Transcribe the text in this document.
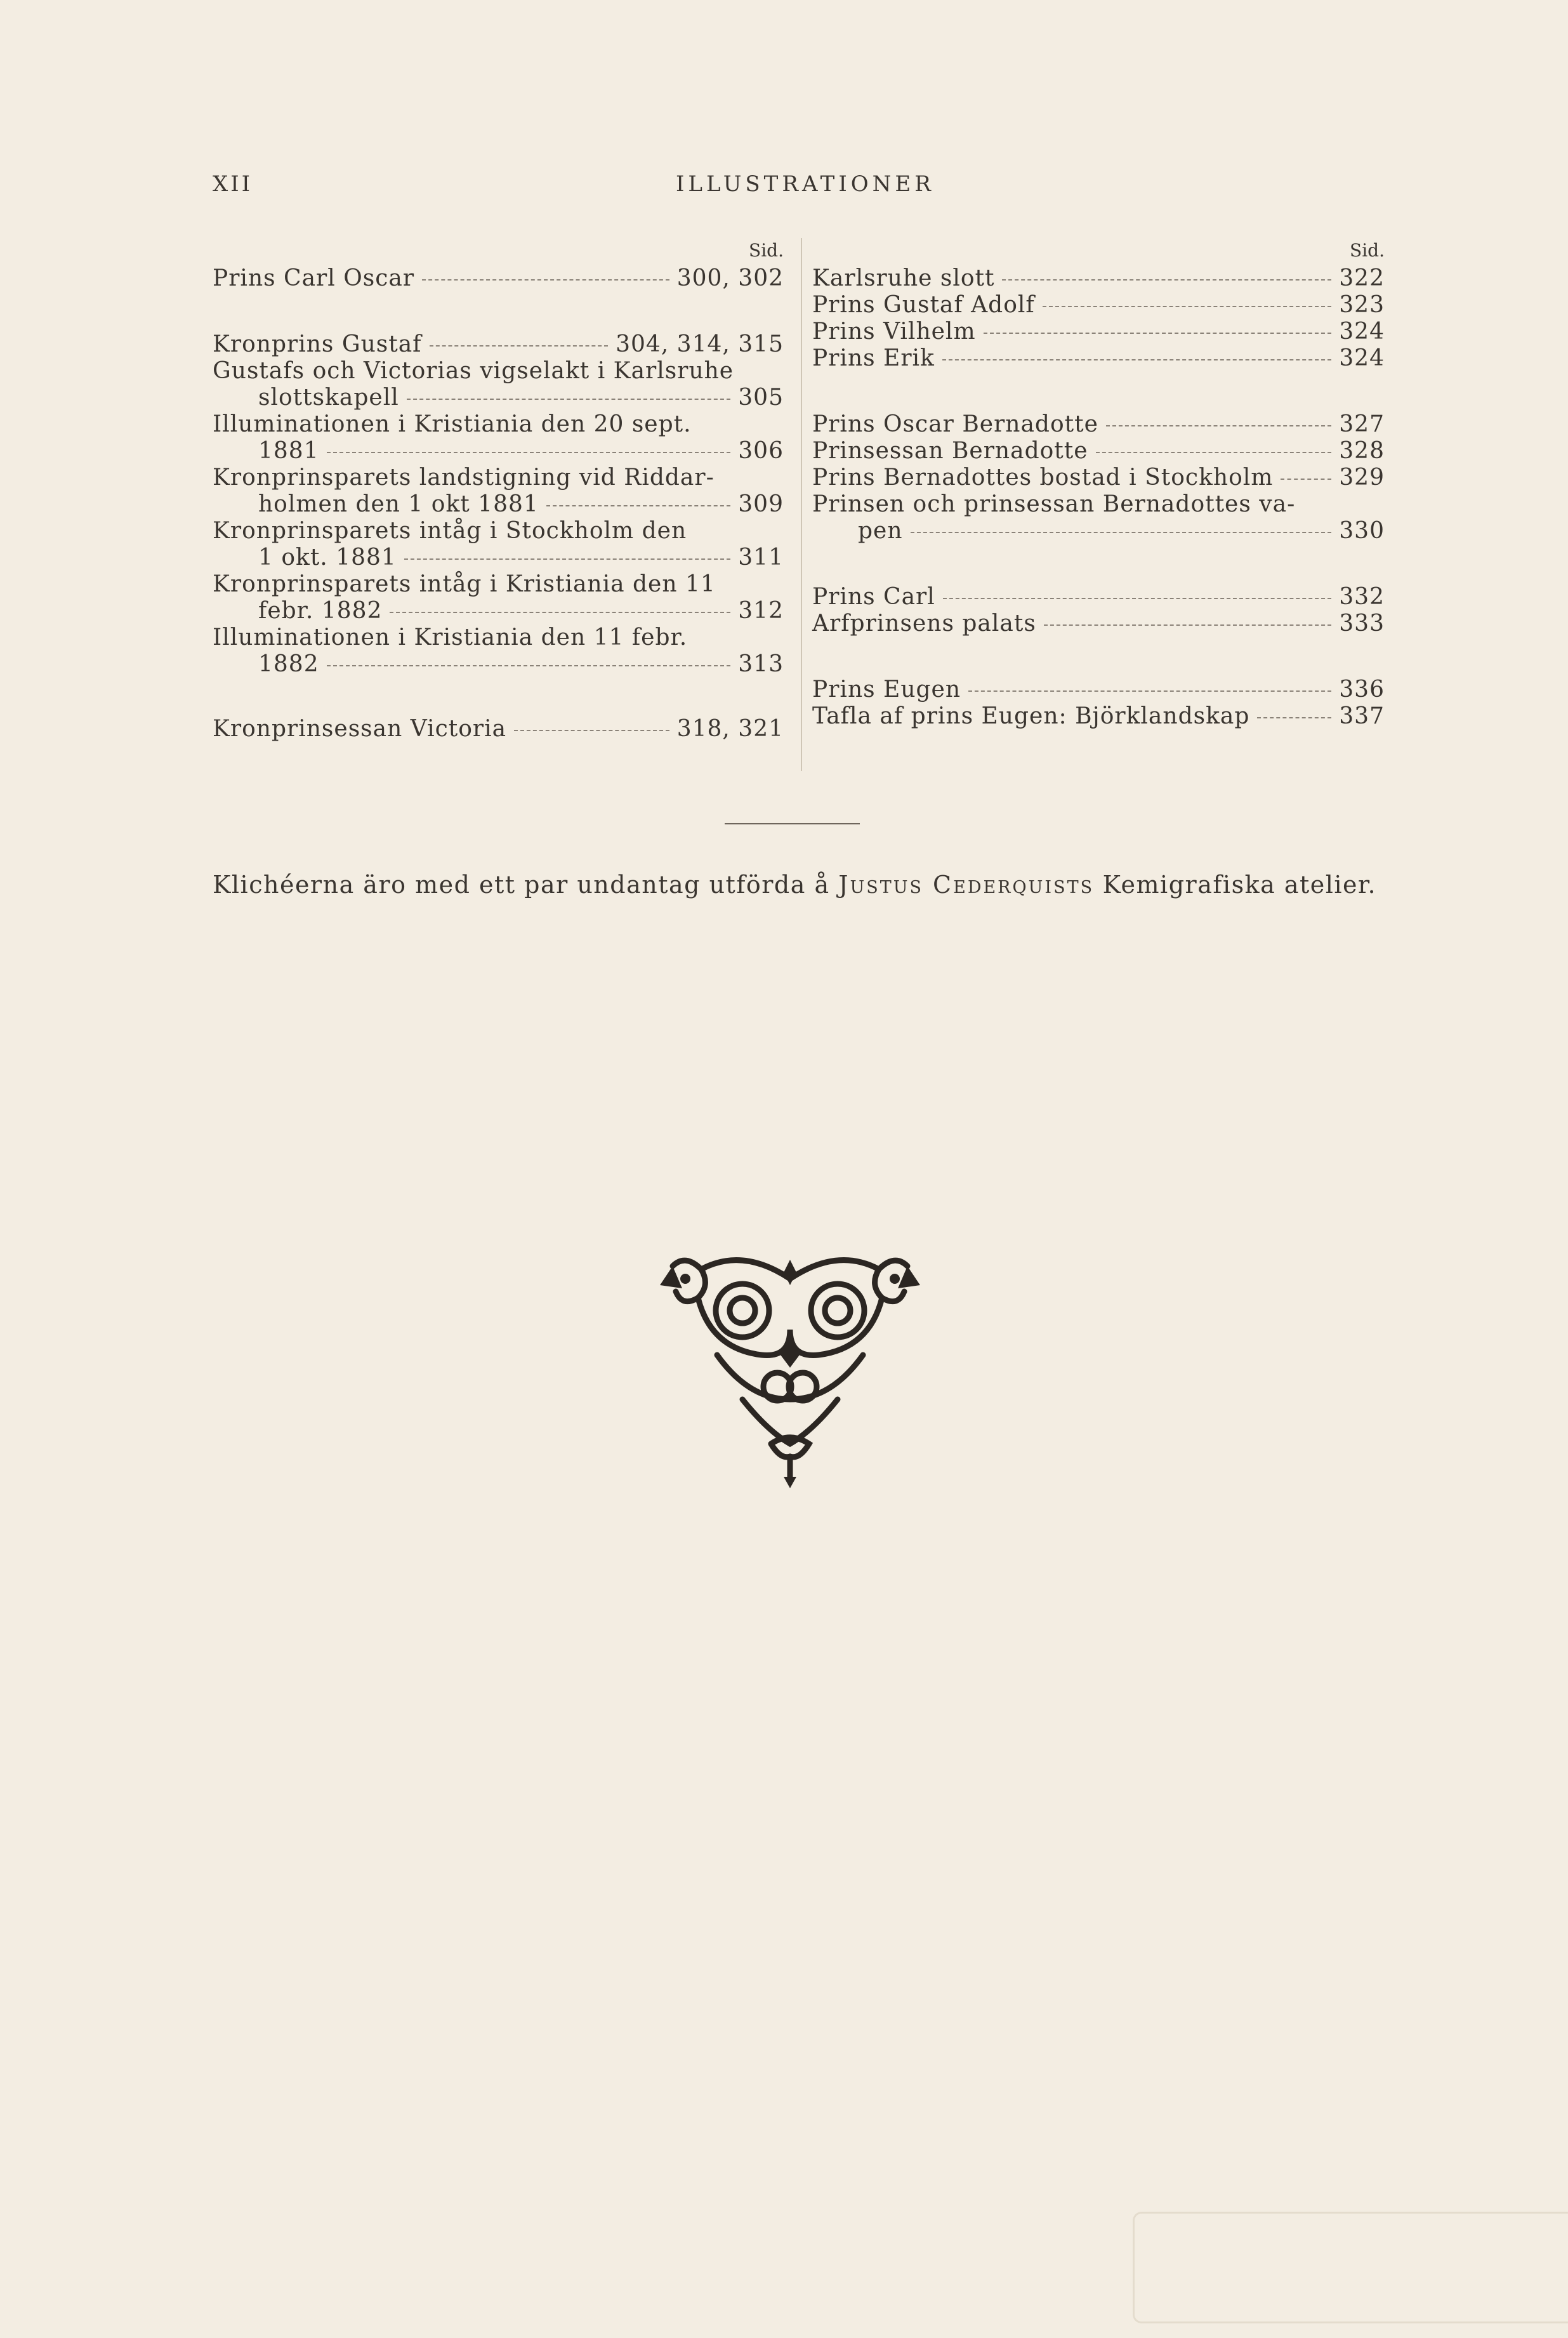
XII	ILLUSTRATIONER
Sid.
Prins Carl Oscar	300, 302
Kronprins Gustaf	304, 314, 315
Gustafs och Victorias vigselakt i Karlsruhe
slottskapell	305
Illuminationen i Kristiania den 20 sept.
1881	306
Kronprinsparets landstigning vid Riddar-
holmen den 1 okt 1881	309
Kronprinsparets intåg i Stockholm den
1 okt. 1881	311
Kronprinsparets intåg i Kristiania den 11
febr. 1882	312
Illuminationen i Kristiania den 11 febr.
1882	313
Kronprinsessan Victoria	318, 321
Sid.
Karlsruhe slott	322
Prins Gustaf Adolf	323
Prins Vilhelm	324
Prins Erik	324
Prins Oscar Bernadotte	327
Prinsessan Bernadotte	328
Prins Bernadottes bostad i Stockholm	329
Prinsen och prinsessan Bernadottes va-
pen	330
Prins Carl	332
Arfprinsens palats	333
Prins Eugen	336
Tafla af prins Eugen: Björklandskap	337
Klichéerna äro med ett par undantag utförda å Justus Cederquists Kemigrafiska atelier.
